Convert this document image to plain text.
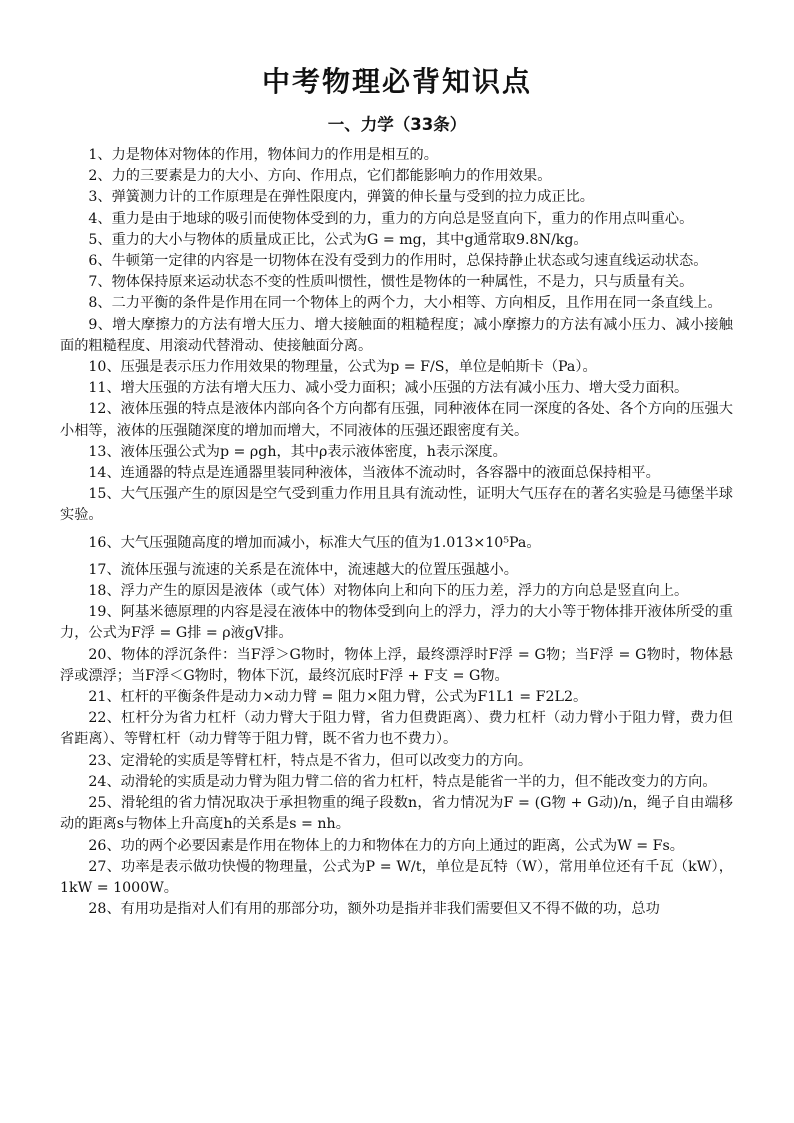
中考物理必背知识点
一、力学（33条）

1、力是物体对物体的作用，物体间力的作用是相互的。

2、力的三要素是力的大小、方向、作用点，它们都能影响力的作用效果。

3、弹簧测力计的工作原理是在弹性限度内，弹簧的伸长量与受到的拉力成正比。

4、重力是由于地球的吸引而使物体受到的力，重力的方向总是竖直向下，重力的作用点叫重心。

5、重力的大小与物体的质量成正比，公式为G = mg，其中g通常取9.8N/kg。

6、牛顿第一定律的内容是一切物体在没有受到力的作用时，总保持静止状态或匀速直线运动状态。

7、物体保持原来运动状态不变的性质叫惯性，惯性是物体的一种属性，不是力，只与质量有关。

8、二力平衡的条件是作用在同一个物体上的两个力，大小相等、方向相反，且作用在同一条直线上。

9、增大摩擦力的方法有增大压力、增大接触面的粗糙程度；减小摩擦力的方法有减小压力、减小接触面的粗糙程度、用滚动代替滑动、使接触面分离。

10、压强是表示压力作用效果的物理量，公式为p = F/S，单位是帕斯卡（Pa）。

11、增大压强的方法有增大压力、减小受力面积；减小压强的方法有减小压力、增大受力面积。

12、液体压强的特点是液体内部向各个方向都有压强，同种液体在同一深度的各处、各个方向的压强大小相等，液体的压强随深度的增加而增大，不同液体的压强还跟密度有关。

13、液体压强公式为p = ρgh，其中ρ表示液体密度，h表示深度。

14、连通器的特点是连通器里装同种液体，当液体不流动时，各容器中的液面总保持相平。

15、大气压强产生的原因是空气受到重力作用且具有流动性，证明大气压存在的著名实验是马德堡半球实验。

16、大气压强随高度的增加而减小，标准大气压的值为1.013×10⁵Pa。

17、流体压强与流速的关系是在流体中，流速越大的位置压强越小。

18、浮力产生的原因是液体（或气体）对物体向上和向下的压力差，浮力的方向总是竖直向上。

19、阿基米德原理的内容是浸在液体中的物体受到向上的浮力，浮力的大小等于物体排开液体所受的重力，公式为F浮 = G排 = ρ液gV排。

20、物体的浮沉条件：当F浮＞G物时，物体上浮，最终漂浮时F浮 = G物；当F浮 = G物时，物体悬浮或漂浮；当F浮＜G物时，物体下沉，最终沉底时F浮 + F支 = G物。

21、杠杆的平衡条件是动力×动力臂 = 阻力×阻力臂，公式为F1L1 = F2L2。

22、杠杆分为省力杠杆（动力臂大于阻力臂，省力但费距离）、费力杠杆（动力臂小于阻力臂，费力但省距离）、等臂杠杆（动力臂等于阻力臂，既不省力也不费力）。

23、定滑轮的实质是等臂杠杆，特点是不省力，但可以改变力的方向。

24、动滑轮的实质是动力臂为阻力臂二倍的省力杠杆，特点是能省一半的力，但不能改变力的方向。

25、滑轮组的省力情况取决于承担物重的绳子段数n，省力情况为F = (G物 + G动)/n，绳子自由端移动的距离s与物体上升高度h的关系是s = nh。

26、功的两个必要因素是作用在物体上的力和物体在力的方向上通过的距离，公式为W = Fs。

27、功率是表示做功快慢的物理量，公式为P = W/t，单位是瓦特（W），常用单位还有千瓦（kW），1kW = 1000W。

28、有用功是指对人们有用的那部分功，额外功是指并非我们需要但又不得不做的功，总功
